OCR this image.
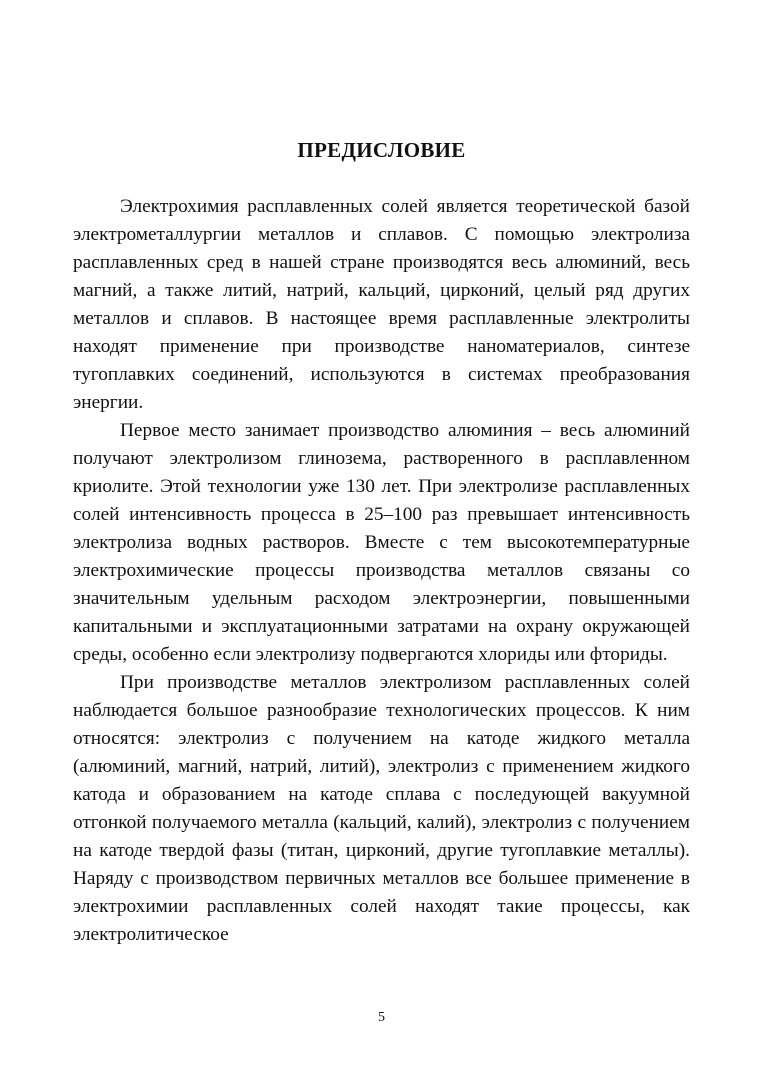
ПРЕДИСЛОВИЕ

Электрохимия расплавленных солей является теоретической базой электрометаллургии металлов и сплавов. С помощью электролиза расплавленных сред в нашей стране производятся весь алюминий, весь магний, а также литий, натрий, кальций, цирконий, целый ряд других металлов и сплавов. В настоящее время расплавленные электролиты находят применение при производстве наноматериалов, синтезе тугоплавких соединений, используются в системах преобразования энергии.

Первое место занимает производство алюминия – весь алюминий получают электролизом глинозема, растворенного в расплавленном криолите. Этой технологии уже 130 лет. При электролизе расплавленных солей интенсивность процесса в 25–100 раз превышает интенсивность электролиза водных растворов. Вместе с тем высокотемпературные электрохимические процессы производства металлов связаны со значительным удельным расходом электроэнергии, повышенными капитальными и эксплуатационными затратами на охрану окружающей среды, особенно если электролизу подвергаются хлориды или фториды.

При производстве металлов электролизом расплавленных солей наблюдается большое разнообразие технологических процессов. К ним относятся: электролиз с получением на катоде жидкого металла (алюминий, магний, натрий, литий), электролиз с применением жидкого катода и образованием на катоде сплава с последующей вакуумной отгонкой получаемого металла (кальций, калий), электролиз с получением на катоде твердой фазы (титан, цирконий, другие тугоплавкие металлы). Наряду с производством первичных металлов все большее применение в электрохимии расплавленных солей находят такие процессы, как электролитическое

5
